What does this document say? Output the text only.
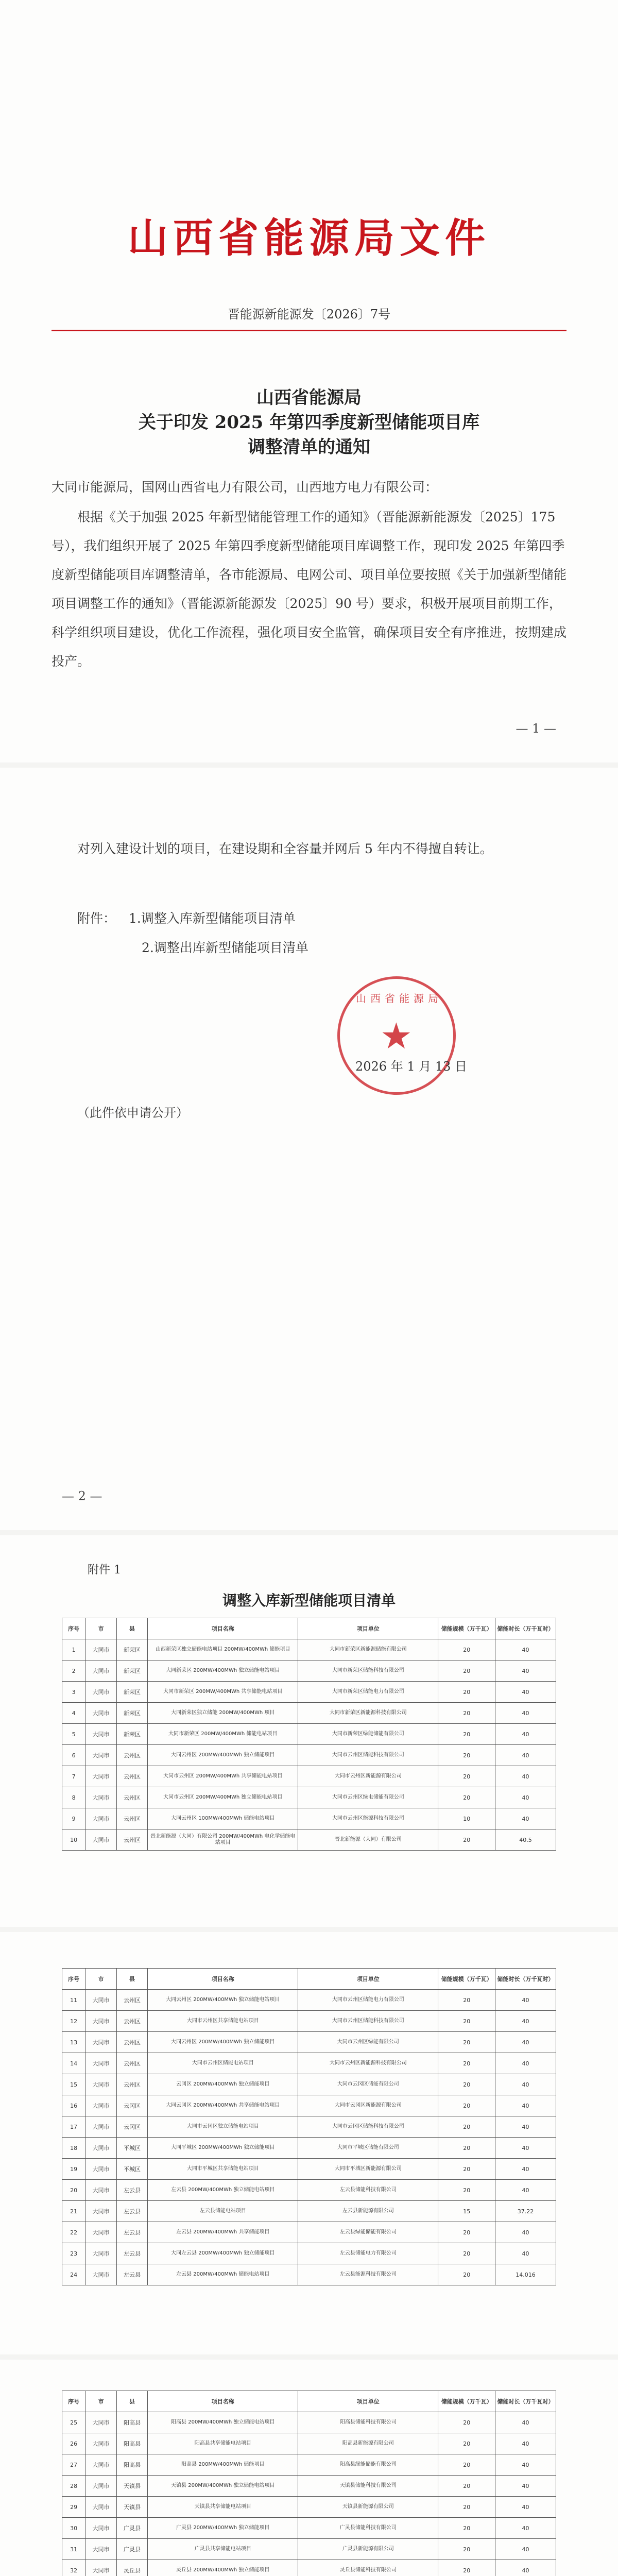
山西省能源局文件
晋能源新能源发〔2026〕7号
山西省能源局
关于印发 2025 年第四季度新型储能项目库
调整清单的通知
大同市能源局，国网山西省电力有限公司，山西地方电力有限公司：
根据《关于加强 2025 年新型储能管理工作的通知》（晋能源新能源发〔2025〕175 号），我们组织开展了 2025 年第四季度新型储能项目库调整工作，现印发 2025 年第四季度新型储能项目库调整清单，各市能源局、电网公司、项目单位要按照《关于加强新型储能项目调整工作的通知》（晋能源新能源发〔2025〕90 号）要求，积极开展项目前期工作，科学组织项目建设，优化工作流程，强化项目安全监管，确保项目安全有序推进，按期建成投产。
— 1 —
对列入建设计划的项目，在建设期和全容量并网后 5 年内不得擅自转让。
附件： 1.调整入库新型储能项目清单
2.调整出库新型储能项目清单
山西省能源局
★
2026 年 1 月 13 日
（此件依申请公开）
— 2 —
附件 1
调整入库新型储能项目清单
序号	市	县	项目名称	项目单位	储能规模（万千瓦）	储能时长（万千瓦时）
1	大同市	新荣区	山西新荣区独立储能电站项目 200MW/400MWh 储能项目	大同市新荣区新能源储能有限公司	20	40
2	大同市	新荣区	大同新荣区 200MW/400MWh 独立储能电站项目	大同市新荣区储能科技有限公司	20	40
3	大同市	新荣区	大同市新荣区 200MW/400MWh 共享储能电站项目	大同市新荣区储能电力有限公司	20	40
4	大同市	新荣区	大同新荣区独立储能 200MW/400MWh 项目	大同市新荣区新能源科技有限公司	20	40
5	大同市	新荣区	大同市新荣区 200MW/400MWh 储能电站项目	大同市新荣区绿能储能有限公司	20	40
6	大同市	云州区	大同云州区 200MW/400MWh 独立储能项目	大同市云州区储能科技有限公司	20	40
7	大同市	云州区	大同市云州区 200MW/400MWh 共享储能电站项目	大同市云州区新能源有限公司	20	40
8	大同市	云州区	大同市云州区 200MW/400MWh 独立储能电站项目	大同市云州区绿电储能有限公司	20	40
9	大同市	云州区	大同云州区 100MW/400MWh 储能电站项目	大同市云州区能源科技有限公司	10	40
10	大同市	云州区	晋北新能源（大同）有限公司 200MW/400MWh 电化学储能电站项目	晋北新能源（大同）有限公司	20	40.5
序号	市	县	项目名称	项目单位	储能规模（万千瓦）	储能时长（万千瓦时）
11	大同市	云州区	大同云州区 200MW/400MWh 独立储能电站项目	大同市云州区储能电力有限公司	20	40
12	大同市	云州区	大同市云州区共享储能电站项目	大同市云州区储能科技有限公司	20	40
13	大同市	云州区	大同云州区 200MW/400MWh 独立储能项目	大同市云州区绿能有限公司	20	40
14	大同市	云州区	大同市云州区储能电站项目	大同市云州区新能源科技有限公司	20	40
15	大同市	云州区	云冈区 200MW/400MWh 独立储能项目	大同市云冈区储能有限公司	20	40
16	大同市	云冈区	大同云冈区 200MW/400MWh 共享储能电站项目	大同市云冈区新能源有限公司	20	40
17	大同市	云冈区	大同市云冈区独立储能电站项目	大同市云冈区储能科技有限公司	20	40
18	大同市	平城区	大同平城区 200MW/400MWh 独立储能项目	大同市平城区储能有限公司	20	40
19	大同市	平城区	大同市平城区共享储能电站项目	大同市平城区新能源有限公司	20	40
20	大同市	左云县	左云县 200MW/400MWh 独立储能电站项目	左云县储能科技有限公司	20	40
21	大同市	左云县	左云县储能电站项目	左云县新能源有限公司	15	37.22
22	大同市	左云县	左云县 200MW/400MWh 共享储能项目	左云县绿能储能有限公司	20	40
23	大同市	左云县	大同左云县 200MW/400MWh 独立储能项目	左云县储能电力有限公司	20	40
24	大同市	左云县	左云县 200MW/400MWh 储能电站项目	左云县能源科技有限公司	20	14.016
序号	市	县	项目名称	项目单位	储能规模（万千瓦）	储能时长（万千瓦时）
25	大同市	阳高县	阳高县 200MW/400MWh 独立储能电站项目	阳高县储能科技有限公司	20	40
26	大同市	阳高县	阳高县共享储能电站项目	阳高县新能源有限公司	20	40
27	大同市	阳高县	阳高县 200MW/400MWh 储能项目	阳高县绿能储能有限公司	20	40
28	大同市	天镇县	天镇县 200MW/400MWh 独立储能电站项目	天镇县储能科技有限公司	20	40
29	大同市	天镇县	天镇县共享储能电站项目	天镇县新能源有限公司	20	40
30	大同市	广灵县	广灵县 200MW/400MWh 独立储能项目	广灵县储能科技有限公司	20	40
31	大同市	广灵县	广灵县共享储能电站项目	广灵县新能源有限公司	20	40
32	大同市	灵丘县	灵丘县 200MW/400MWh 独立储能项目	灵丘县储能科技有限公司	20	40
